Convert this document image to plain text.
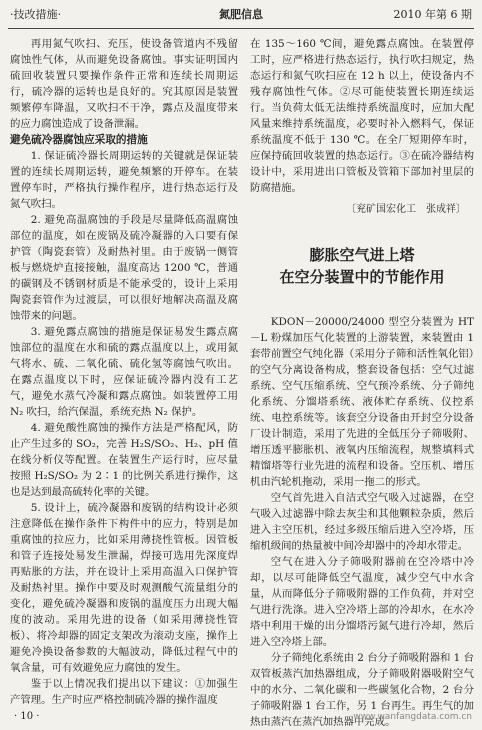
·技改措施·	氮肥信息	2010 年第 6 期

再用氮气吹扫、充压，使设备管道内不残留腐蚀性气体，从而避免设备腐蚀。事实证明国内硫回收装置只要操作条件正常和连续长周期运行，硫冷器的运转也是良好的。究其原因是装置频繁停车降温，又吹扫不干净，露点及温度带来的应力腐蚀造成了设备泄漏。

避免硫冷器腐蚀应采取的措施

1. 保证硫冷器长周期运转的关键就是保证装置的连续长周期运转，避免频繁的开停车。在装置停车时，严格执行操作程序，进行热态运行及氮气吹扫。

2. 避免高温腐蚀的手段是尽量降低高温腐蚀部位的温度，如在废锅及硫冷凝器的入口要有保护管（陶瓷套管）及耐热衬里。由于废锅一侧管板与燃烧炉直接接触，温度高达 1200 ℃，普通的碳钢及不锈钢材质是不能承受的，设计上采用陶瓷套管作为过渡层，可以很好地解决高温及腐蚀带来的问题。

3. 避免露点腐蚀的措施是保证易发生露点腐蚀部位的温度在水和硫的露点温度以上，或用氮气将水、硫、二氧化硫、硫化氢等腐蚀气吹出。在露点温度以下时，应保证硫冷器内没有工艺气，避免水蒸气冷凝和露点腐蚀。如装置停工用 N₂ 吹扫，给汽保温，系统充热 N₂ 保护。

4. 避免酸性腐蚀的操作方法是严格配风，防止产生过多的 SO₂，完善 H₂S/SO₂、H₂、pH 值在线分析仪等配置。在装置生产运行时，应尽量按照 H₂S/SO₂ 为 2∶1 的比例关系进行操作，这也是达到最高硫转化率的关键。

5. 设计上，硫冷凝器和废锅的结构设计必须注意降低在操作条件下构件中的应力，特别是加重腐蚀的拉应力，比如采用薄挠性管板。因管板和管子连接处易发生泄漏，焊接可选用先深度焊再贴胀的方法，并在设计上采用高温入口保护管及耐热衬里。操作中要及时观测酸气流量组分的变化，避免硫冷凝器和废锅的温度压力出现大幅度的波动。采用先进的设备（如采用薄挠性管板）、将冷却器的固定支架改为滚动支座，操作上避免冷换设备参数的大幅波动，降低过程气中的氧含量，可有效避免应力腐蚀的发生。

鉴于以上情况我们提出以下建议：①加强生产管理。生产时应严格控制硫冷器的操作温度

在 135～160 ℃间，避免露点腐蚀。在装置停工时，应严格进行热态运行，执行吹扫规定，热态运行和氮气吹扫应在 12 h 以上，使设备内不残存腐蚀性气体。②尽可能使装置长期连续运行。当负荷太低无法维持系统温度时，应加大配风量来维持系统温度，必要时补入燃料气，保证系统温度不低于 130 ℃。在全厂短期停车时，应保持硫回收装置的热态运行。③在硫冷器结构设计中，采用进出口管板及管箱下部加衬里层的防腐措施。

〔兖矿国宏化工　张成祥〕
膨胀空气进上塔
在空分装置中的节能作用

KDON－20000/24000 型空分装置为 HT－L 粉煤加压气化装置的上游装置，来装置由 1 套带前置空气纯化器（采用分子筛和活性氧化铝）的空气分离设备构成，整套设备包括：空气过滤系统、空气压缩系统、空气预冷系统、分子筛纯化系统、分馏塔系统、液体贮存系统、仪控系统、电控系统等。该套空分设备由开封空分设备厂设计制造，采用了先进的全低压分子筛吸附、增压透平膨胀机、液氧内压缩流程，规整填料式精馏塔等行业先进的流程和设备。空压机、增压机由汽轮机拖动，采用一拖二的形式。

空气首先进入自洁式空气吸入过滤器，在空气吸入过滤器中除去灰尘和其他颗粒杂质，然后进入主空压机，经过多级压缩后进入空冷塔，压缩机级间的热量被中间冷却器中的冷却水带走。

空气在进入分子筛吸附器前在空冷塔中冷却，以尽可能降低空气温度，减少空气中水含量，从而降低分子筛吸附器的工作负荷，并对空气进行洗涤。进入空冷塔上部的冷却水，在水冷塔中利用干燥的出分馏塔污氮气进行冷却，然后进入空冷塔上部。

分子筛纯化系统由 2 台分子筛吸附器和 1 台双管板蒸汽加热器组成，分子筛吸附器吸附空气中的水分、二氧化碳和一些碳氢化合物，2 台分子筛吸附器 1 台工作，另 1 台再生。再生气的加热由蒸汽在蒸汽加热器中完成。

· 10 ·	www.wanfangdata.com.cn
